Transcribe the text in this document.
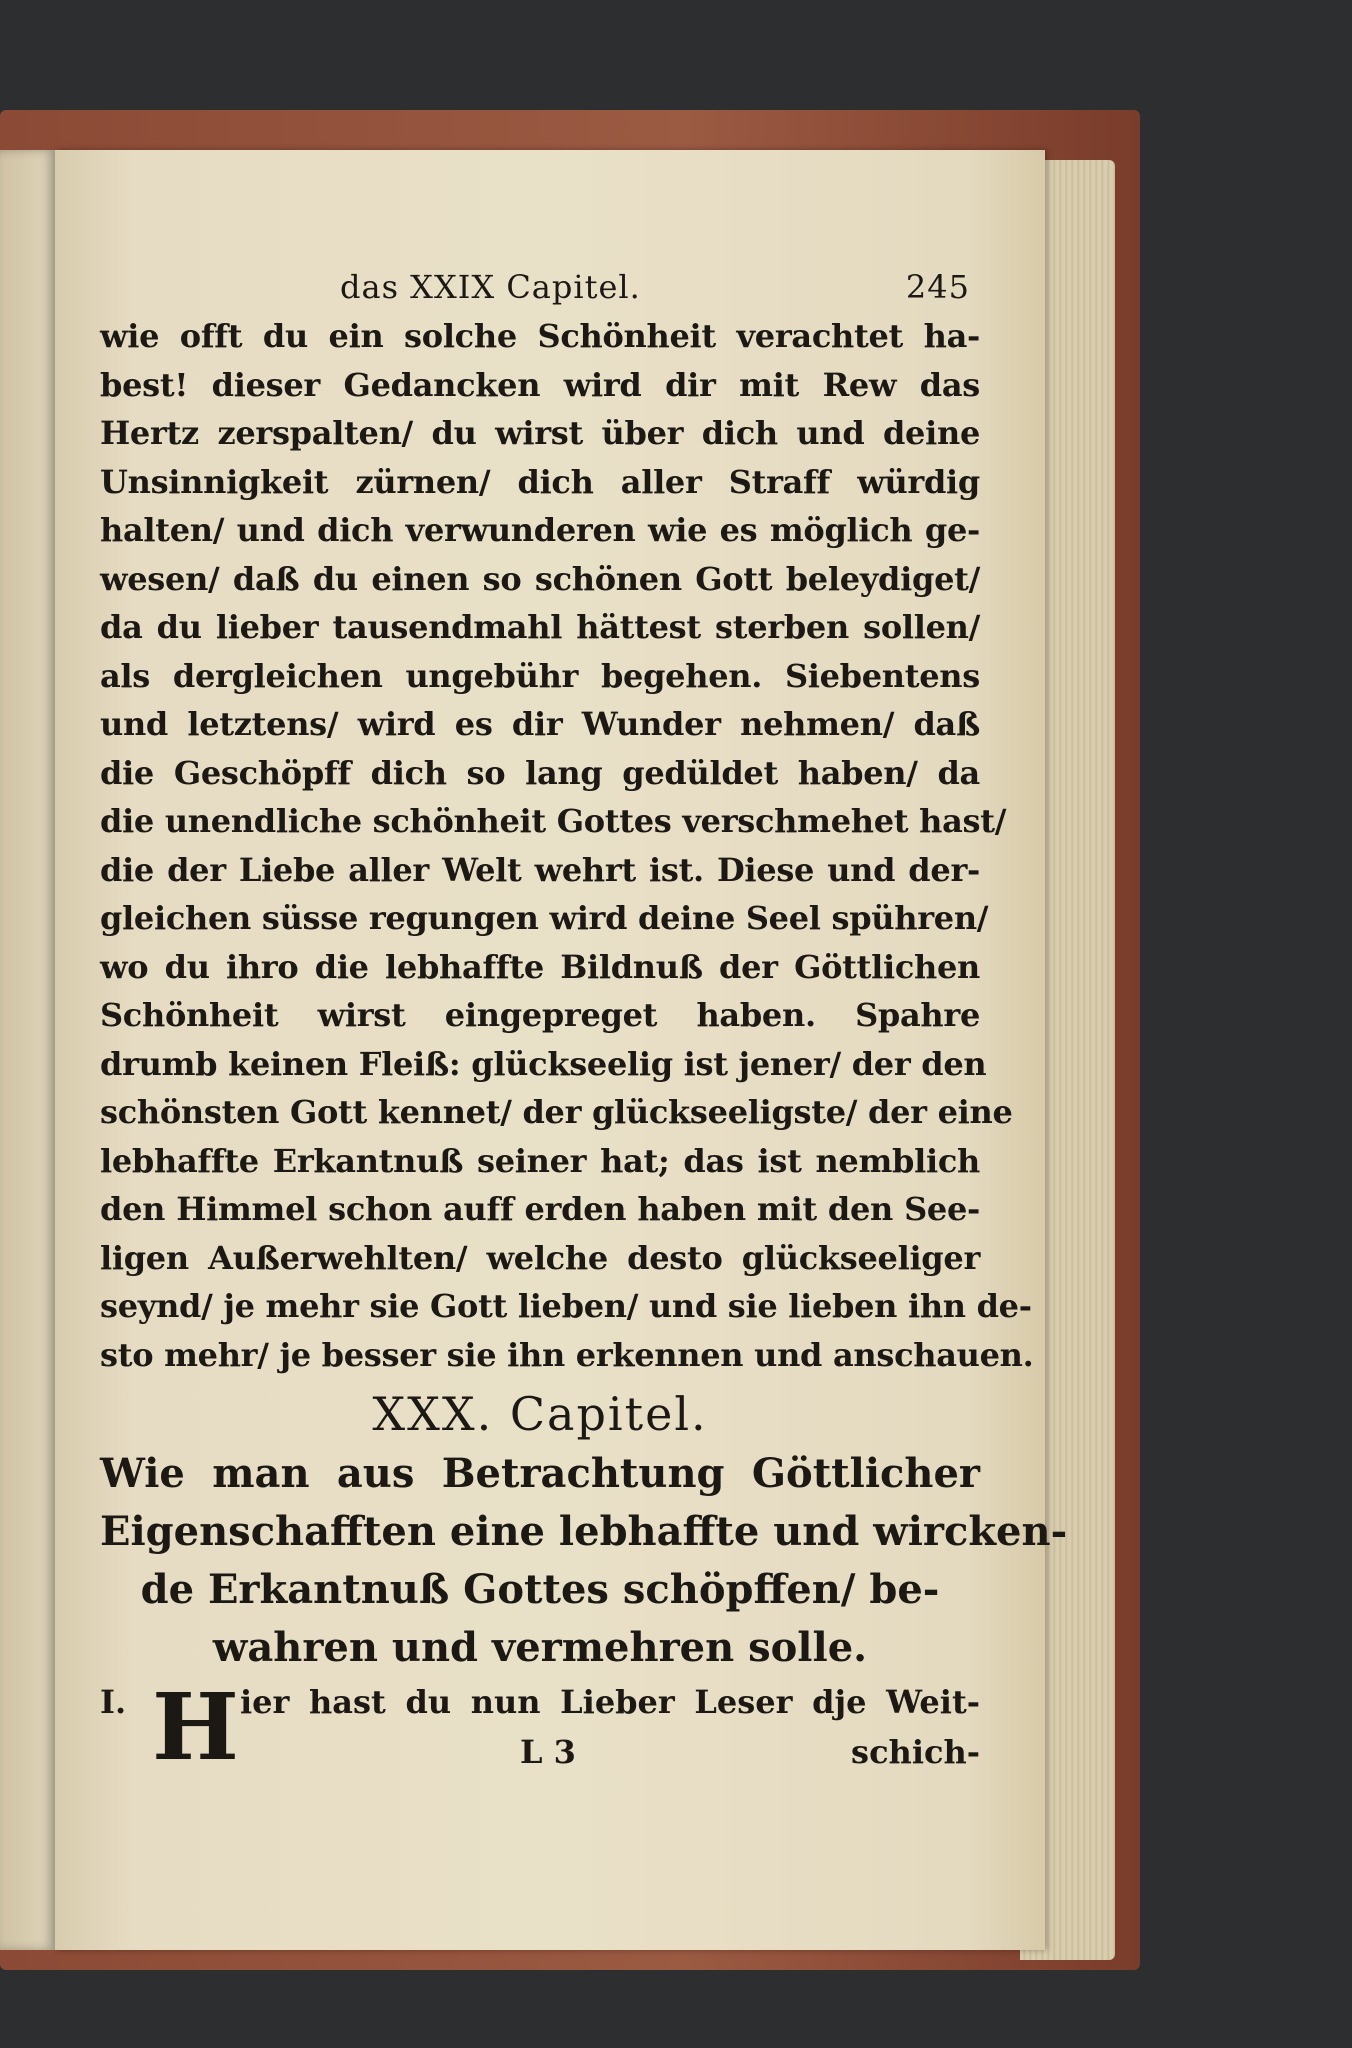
das XXIX Capitel.	245
wie offt du ein solche Schönheit verachtet ha-
best! dieser Gedancken wird dir mit Rew das
Hertz zerspalten/ du wirst über dich und deine
Unsinnigkeit zürnen/ dich aller Straff würdig
halten/ und dich verwunderen wie es möglich ge-
wesen/ daß du einen so schönen Gott beleydiget/
da du lieber tausendmahl hättest sterben sollen/
als dergleichen ungebühr begehen. Siebentens
und letztens/ wird es dir Wunder nehmen/ daß
die Geschöpff dich so lang gedüldet haben/ da
die unendliche schönheit Gottes verschmehet hast/
die der Liebe aller Welt wehrt ist. Diese und der-
gleichen süsse regungen wird deine Seel spühren/
wo du ihro die lebhaffte Bildnuß der Göttlichen
Schönheit wirst eingepreget haben. Spahre
drumb keinen Fleiß: glückseelig ist jener/ der den
schönsten Gott kennet/ der glückseeligste/ der eine
lebhaffte Erkantnuß seiner hat; das ist nemblich
den Himmel schon auff erden haben mit den See-
ligen Außerwehlten/ welche desto glückseeliger
seynd/ je mehr sie Gott lieben/ und sie lieben ihn de-
sto mehr/ je besser sie ihn erkennen und anschauen.
XXX. Capitel.
Wie man aus Betrachtung Göttlicher
Eigenschafften eine lebhaffte und wircken-
de Erkantnuß Gottes schöpffen/ be-
wahren und vermehren solle.
I. H ier hast du nun Lieber Leser dje Weit-
L 3	schich-
